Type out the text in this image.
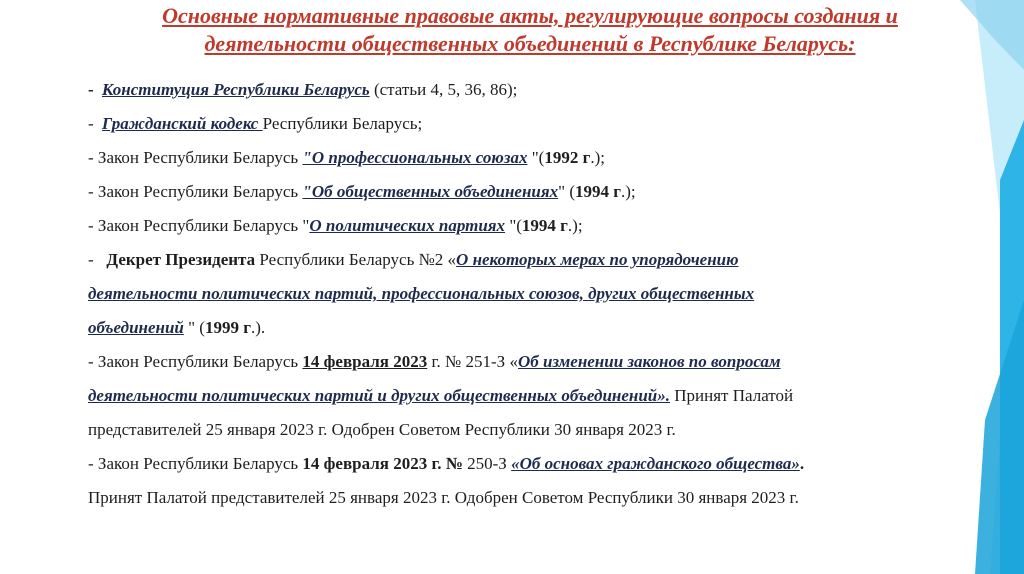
Основные нормативные правовые акты, регулирующие вопросы создания и
деятельности общественных объединений в Республике Беларусь:
- Конституция Республики Беларусь (статьи 4, 5, 36, 86);
- Гражданский кодекс Республики Беларусь;
- Закон Республики Беларусь "О профессиональных союзах "(1992 г.);
- Закон Республики Беларусь "Об общественных объединениях" (1994 г.);
- Закон Республики Беларусь "О политических партиях "(1994 г.);
- Декрет Президента Республики Беларусь №2 «О некоторых мерах по упорядочению
деятельности политических партий, профессиональных союзов, других общественных
объединений " (1999 г.).
- Закон Республики Беларусь 14 февраля 2023 г. № 251-З «Об изменении законов по вопросам
деятельности политических партий и других общественных объединений». Принят Палатой
представителей 25 января 2023 г. Одобрен Советом Республики 30 января 2023 г.
- Закон Республики Беларусь 14 февраля 2023 г. № 250-З «Об основах гражданского общества».
Принят Палатой представителей 25 января 2023 г. Одобрен Советом Республики 30 января 2023 г.
